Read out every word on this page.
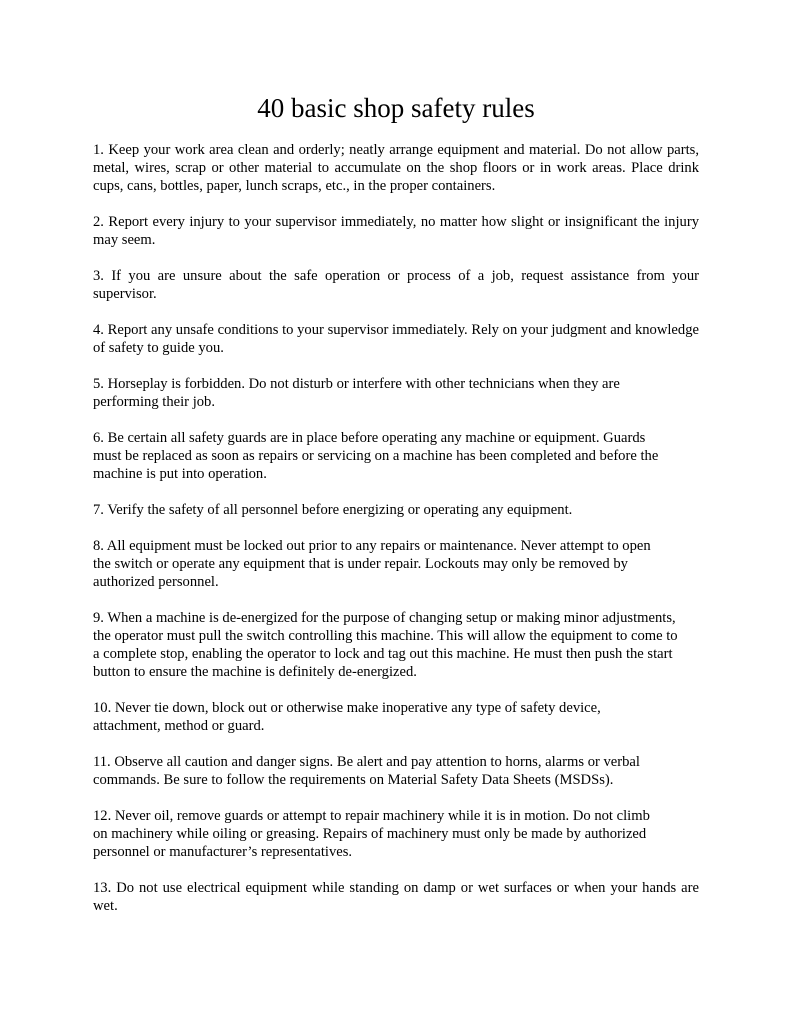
40 basic shop safety rules

1. Keep your work area clean and orderly; neatly arrange equipment and material. Do not allow parts, metal, wires, scrap or other material to accumulate on the shop floors or in work areas. Place drink cups, cans, bottles, paper, lunch scraps, etc., in the proper containers.

2. Report every injury to your supervisor immediately, no matter how slight or insignificant the injury may seem.

3. If you are unsure about the safe operation or process of a job, request assistance from your supervisor.

4. Report any unsafe conditions to your supervisor immediately. Rely on your judgment and knowledge of safety to guide you.

5. Horseplay is forbidden. Do not disturb or interfere with other technicians when they are performing their job.

6. Be certain all safety guards are in place before operating any machine or equipment. Guards must be replaced as soon as repairs or servicing on a machine has been completed and before the machine is put into operation.

7. Verify the safety of all personnel before energizing or operating any equipment.

8. All equipment must be locked out prior to any repairs or maintenance. Never attempt to open the switch or operate any equipment that is under repair. Lockouts may only be removed by authorized personnel.

9. When a machine is de-energized for the purpose of changing setup or making minor adjustments, the operator must pull the switch controlling this machine. This will allow the equipment to come to a complete stop, enabling the operator to lock and tag out this machine. He must then push the start button to ensure the machine is definitely de-energized.

10. Never tie down, block out or otherwise make inoperative any type of safety device, attachment, method or guard.

11. Observe all caution and danger signs. Be alert and pay attention to horns, alarms or verbal commands. Be sure to follow the requirements on Material Safety Data Sheets (MSDSs).

12. Never oil, remove guards or attempt to repair machinery while it is in motion. Do not climb on machinery while oiling or greasing. Repairs of machinery must only be made by authorized personnel or manufacturer’s representatives.

13. Do not use electrical equipment while standing on damp or wet surfaces or when your hands are wet.
